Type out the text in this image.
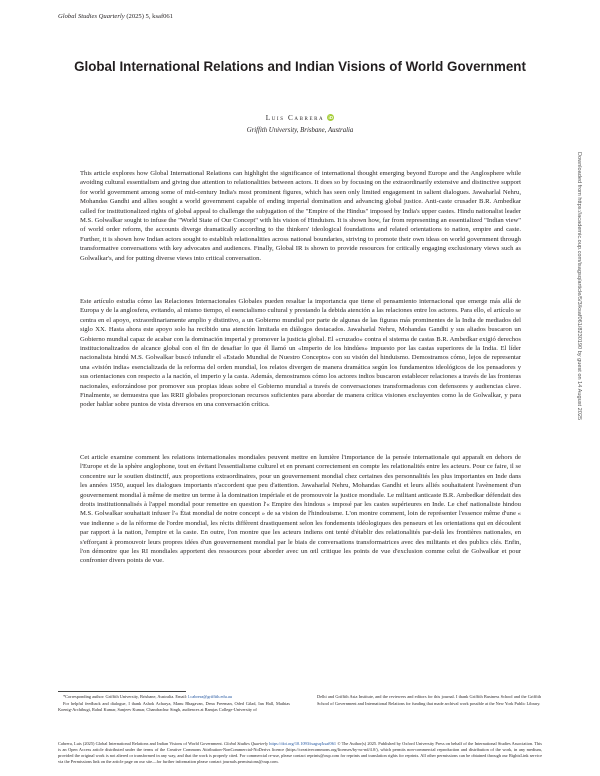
Global Studies Quarterly (2025) 5, ksaf061
Global International Relations and Indian Visions of World Government
Luis Cabrera iD
Griffith University, Brisbane, Australia

This article explores how Global International Relations can highlight the significance of international thought emerging beyond Europe and the Anglosphere while avoiding cultural essentialism and giving due attention to relationalities between actors. It does so by focusing on the extraordinarily extensive and distinctive support for world government among some of mid-century India's most prominent figures, which has seen only limited engagement in salient dialogues. Jawaharlal Nehru, Mohandas Gandhi and allies sought a world government capable of ending imperial domination and advancing global justice. Anti-caste crusader B.R. Ambedkar called for institutionalized rights of global appeal to challenge the subjugation of the "Empire of the Hindus" imposed by India's upper castes. Hindu nationalist leader M.S. Golwalkar sought to infuse the "World State of Our Concept" with his vision of Hinduism. It is shown how, far from representing an essentialized "Indian view" of world order reform, the accounts diverge dramatically according to the thinkers' ideological foundations and related orientations to nation, empire and caste. Further, it is shown how Indian actors sought to establish relationalities across national boundaries, striving to promote their own ideas on world government through transformative conversations with key advocates and audiences. Finally, Global IR is shown to provide resources for critically engaging exclusionary views such as Golwalkar's, and for putting diverse views into critical conversation.

Este artículo estudia cómo las Relaciones Internacionales Globales pueden resaltar la importancia que tiene el pensamiento internacional que emerge más allá de Europa y de la anglosfera, evitando, al mismo tiempo, el esencialismo cultural y prestando la debida atención a las relaciones entre los actores. Para ello, el artículo se centra en el apoyo, extraordinariamente amplio y distintivo, a un Gobierno mundial por parte de algunas de las figuras más prominentes de la India de mediados del siglo XX. Hasta ahora este apoyo solo ha recibido una atención limitada en diálogos destacados. Jawaharlal Nehru, Mohandas Gandhi y sus aliados buscaron un Gobierno mundial capaz de acabar con la dominación imperial y promover la justicia global. El «cruzado» contra el sistema de castas B.R. Ambedkar exigió derechos institucionalizados de alcance global con el fin de desafiar lo que él llamó un «Imperio de los hindúes» impuesto por las castas superiores de la India. El líder nacionalista hindú M.S. Golwalkar buscó infundir el «Estado Mundial de Nuestro Concepto» con su visión del hinduismo. Demostramos cómo, lejos de representar una «visión india» esencializada de la reforma del orden mundial, los relatos divergen de manera dramática según los fundamentos ideológicos de los pensadores y sus orientaciones con respecto a la nación, el imperio y la casta. Además, demostramos cómo los actores indios buscaron establecer relaciones a través de las fronteras nacionales, esforzándose por promover sus propias ideas sobre el Gobierno mundial a través de conversaciones transformadoras con defensores y audiencias clave. Finalmente, se demuestra que las RRII globales proporcionan recursos suficientes para abordar de manera crítica visiones excluyentes como la de Golwalkar, y para poder hablar sobre puntos de vista diversos en una conversación crítica.

Cet article examine comment les relations internationales mondiales peuvent mettre en lumière l'importance de la pensée internationale qui apparaît en dehors de l'Europe et de la sphère anglophone, tout en évitant l'essentialisme culturel et en prenant correctement en compte les relationalités entre les acteurs. Pour ce faire, il se concentre sur le soutien distinctif, aux proportions extraordinaires, pour un gouvernement mondial chez certaines des personnalités les plus importantes en Inde dans les années 1950, auquel les dialogues importants n'accordent que peu d'attention. Jawaharlal Nehru, Mohandas Gandhi et leurs alliés souhaitaient l'avènement d'un gouvernement mondial à même de mettre un terme à la domination impériale et de promouvoir la justice mondiale. Le militant anticaste B.R. Ambedkar défendait des droits institutionnalisés à l'appel mondial pour remettre en question l'« Empire des hindous » imposé par les castes supérieures en Inde. Le chef nationaliste hindou M.S. Golwalkar souhaitait infuser l'« État mondial de notre concept » de sa vision de l'hindouisme. L'on montre comment, loin de représenter l'essence même d'une « vue indienne » de la réforme de l'ordre mondial, les récits diffèrent drastiquement selon les fondements idéologiques des penseurs et les orientations qui en découlent par rapport à la nation, l'empire et la caste. En outre, l'on montre que les acteurs indiens ont tenté d'établir des relationalités par-delà les frontières nationales, en s'efforçant à promouvoir leurs propres idées d'un gouvernement mondial par le biais de conversations transformatrices avec des militants et des publics clés. Enfin, l'on démontre que les RI mondiales apportent des ressources pour aborder avec un œil critique les points de vue d'exclusion comme celui de Golwalkar et pour confronter divers points de vue.

*Corresponding author: Griffith University, Brisbane, Australia. Email: l.cabrera@griffith.edu.au

For helpful feedback and dialogue, I thank Ashok Acharya, Manu Bhagavan, Dena Freeman, Oded Gilad, Ian Hall, Mathias Koenig-Archibugi, Rahul Kumar, Sanjeev Kumar, Chandrachur Singh, audiences at Ramjas College-University of

Delhi and Griffith Asia Institute, and the reviewers and editors for this journal. I thank Griffith Business School and the Griffith School of Government and International Relations for funding that made archival work possible at the New York Public Library.
Cabrera, Luis (2025) Global International Relations and Indian Visions of World Government. Global Studies Quarterly https://doi.org/10.1093/isagsq/ksaf061 © The Author(s) 2025. Published by Oxford University Press on behalf of the International Studies Association. This is an Open Access article distributed under the terms of the Creative Commons Attribution-NonCommercial-NoDerivs licence (https://creativecommons.org/licenses/by-nc-nd/4.0/), which permits non-commercial reproduction and distribution of the work, in any medium, provided the original work is not altered or transformed in any way, and that the work is properly cited. For commercial re-use, please contact reprints@oup.com for reprints and translation rights for reprints. All other permissions can be obtained through our RightsLink service via the Permissions link on the article page on our site—for further information please contact journals.permissions@oup.com.
Downloaded from https://academic.oup.com/isagsq/article/5/3/ksaf061/8230190 by guest on 14 August 2025
